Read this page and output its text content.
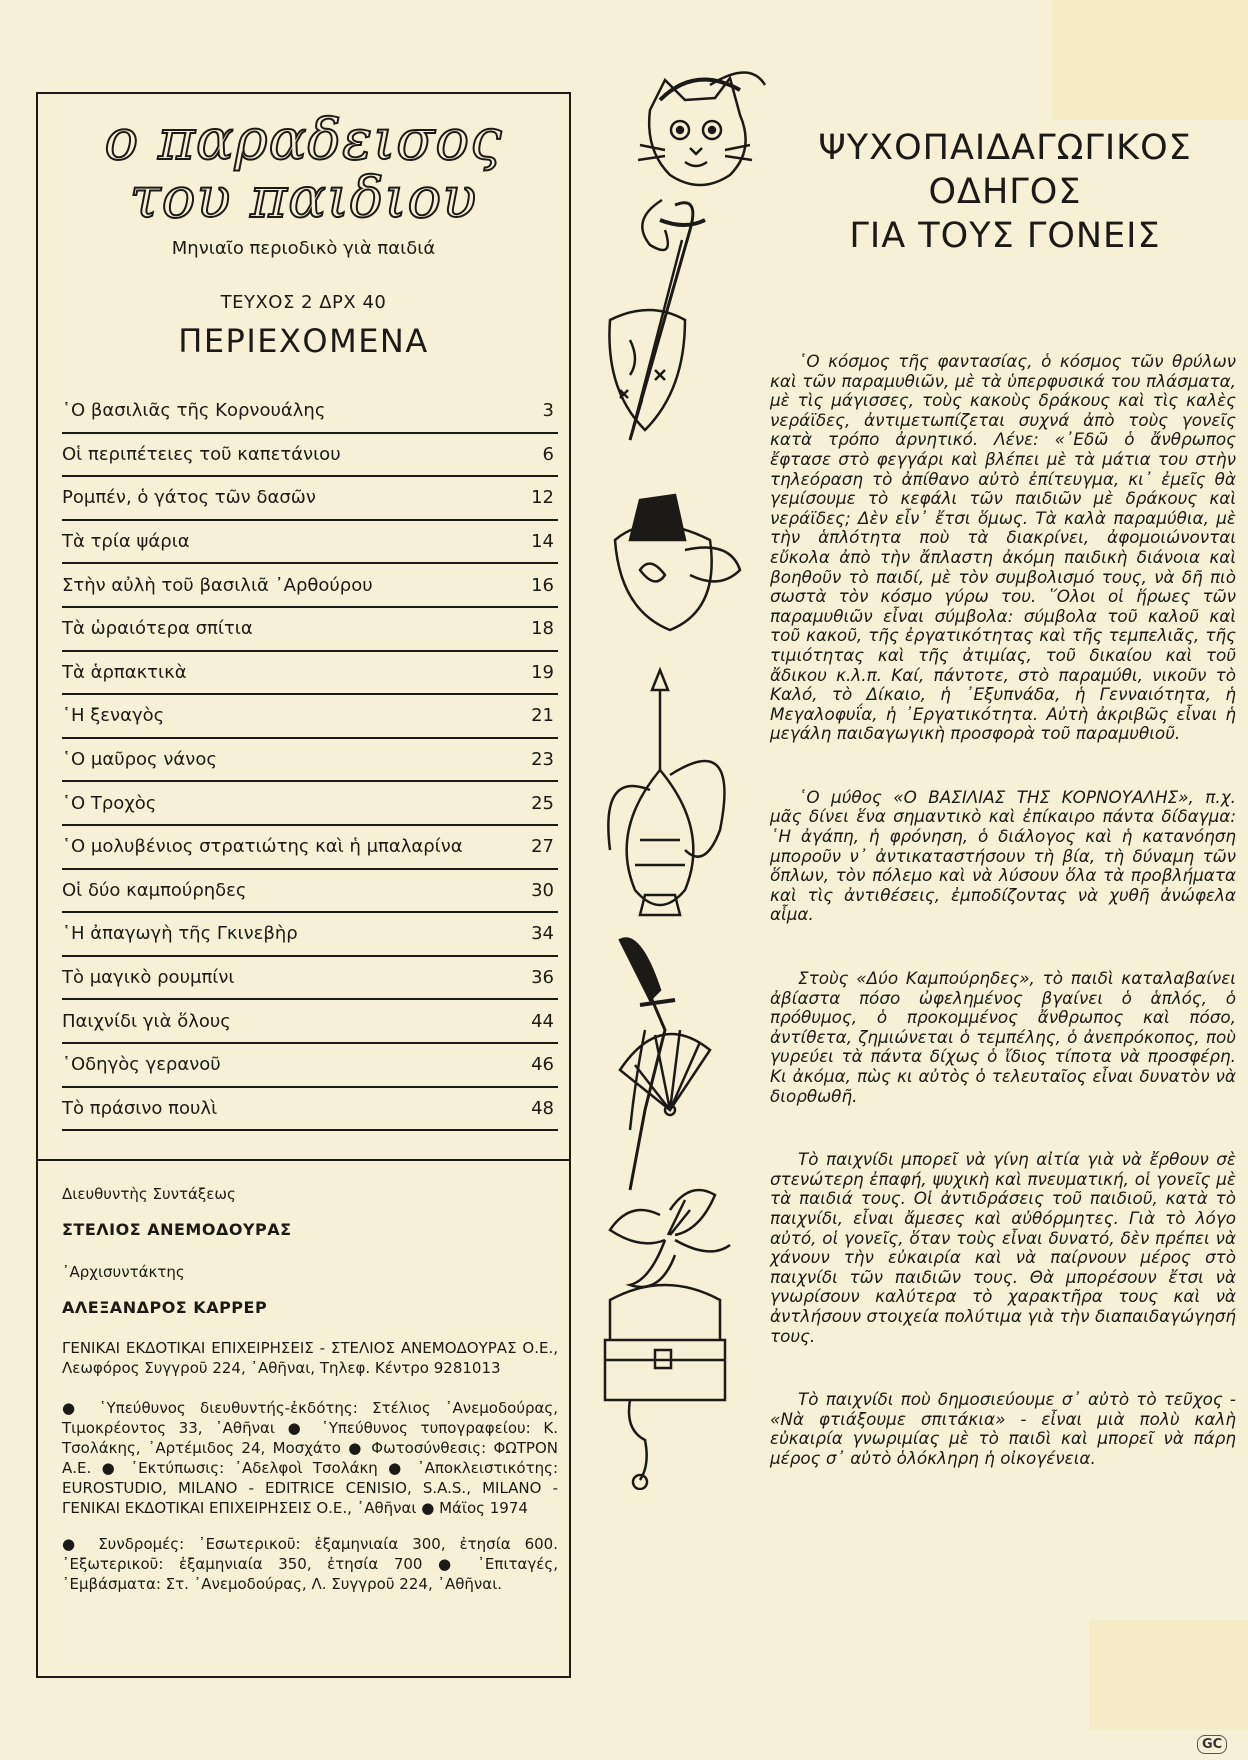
ο παραδεισος
του παιδιου
Μηνιαῖο περιοδικὸ γιὰ παιδιά
ΤΕΥΧΟΣ 2 ΔΡΧ 40
ΠΕΡΙΕΧΟΜΕΝΑ
῾Ο βασιλιᾶς τῆς Κορνουάλης	3
Οἱ περιπέτειες τοῦ καπετάνιου	6
Ρομπέν, ὁ γάτος τῶν δασῶν	12
Τὰ τρία ψάρια	14
Στὴν αὐλὴ τοῦ βασιλιᾶ ᾿Αρθούρου	16
Τὰ ὡραιότερα σπίτια	18
Τὰ ἁρπακτικὰ	19
῾Η ξεναγὸς	21
῾Ο μαῦρος νάνος	23
῾Ο Τροχὸς	25
῾Ο μολυβένιος στρατιώτης καὶ ἡ μπαλαρίνα	27
Οἱ δύο καμπούρηδες	30
῾Η ἀπαγωγὴ τῆς Γκινεβὴρ	34
Τὸ μαγικὸ ρουμπίνι	36
Παιχνίδι γιὰ ὅλους	44
῾Οδηγὸς γερανοῦ	46
Τὸ πράσινο πουλὶ	48
Διευθυντὴς Συντάξεως
ΣΤΕΛΙΟΣ ΑΝΕΜΟΔΟΥΡΑΣ
᾿Αρχισυντάκτης
ΑΛΕΞΑΝΔΡΟΣ ΚΑΡΡΕΡ
ΓΕΝΙΚΑΙ ΕΚΔΟΤΙΚΑΙ ΕΠΙΧΕΙΡΗΣΕΙΣ - ΣΤΕΛΙΟΣ ΑΝΕΜΟΔΟΥΡΑΣ Ο.Ε., Λεωφόρος Συγγροῦ 224, ᾿Αθῆναι, Τηλεφ. Κέντρο 9281013
● ῾Υπεύθυνος διευθυντής-ἐκδότης: Στέλιος ᾿Ανεμοδούρας, Τιμοκρέοντος 33, ᾿Αθῆναι ● ῾Υπεύθυνος τυπογραφείου: Κ. Τσολάκης, ᾿Αρτέμιδος 24, Μοσχάτο ● Φωτοσύνθεσις: ΦΩΤΡΟΝ Α.Ε. ● ᾿Εκτύπωσις: ᾿Αδελφοὶ Τσολάκη ● ᾿Αποκλειστικότης: EUROSTUDIO, MILANO - EDITRICE CENISIO, S.A.S., MILANO - ΓΕΝΙΚΑΙ ΕΚΔΟΤΙΚΑΙ ΕΠΙΧΕΙΡΗΣΕΙΣ Ο.Ε., ᾿Αθῆναι ● Μάϊος 1974
● Συνδρομές: ᾿Εσωτερικοῦ: ἑξαμηνιαία 300, ἐτησία 600. ᾿Εξωτερικοῦ: ἑξαμηνιαία 350, ἐτησία 700 ● ᾿Επιταγές, ᾿Εμβάσματα: Στ. ᾿Ανεμοδούρας, Λ. Συγγροῦ 224, ᾿Αθῆναι.
ΨΥΧΟΠΑΙΔΑΓΩΓΙΚΟΣ
ΟΔΗΓΟΣ
ΓΙΑ ΤΟΥΣ ΓΟΝΕΙΣ

῾Ο κόσμος τῆς φαντασίας, ὁ κόσμος τῶν θρύλων καὶ τῶν παραμυθιῶν, μὲ τὰ ὑπερφυσικά του πλάσματα, μὲ τὶς μάγισσες, τοὺς κακοὺς δράκους καὶ τὶς καλὲς νεράϊδες, ἀντιμετωπίζεται συχνά ἀπὸ τοὺς γονεῖς κατὰ τρόπο ἀρνητικό. Λένε: «᾿Εδῶ ὁ ἄνθρωπος ἔφτασε στὸ φεγγάρι καὶ βλέπει μὲ τὰ μάτια του στὴν τηλεόραση τὸ ἀπίθανο αὐτὸ ἐπίτευγμα, κι᾿ ἐμεῖς θὰ γεμίσουμε τὸ κεφάλι τῶν παιδιῶν μὲ δράκους καὶ νεράϊδες; Δὲν εἶν᾿ ἔτσι ὅμως. Τὰ καλὰ παραμύθια, μὲ τὴν ἁπλότητα ποὺ τὰ διακρίνει, ἀφομοιώνονται εὔκολα ἀπὸ τὴν ἄπλαστη ἀκόμη παιδικὴ διάνοια καὶ βοηθοῦν τὸ παιδί, μὲ τὸν συμβολισμό τους, νὰ δῆ πιὸ σωστὰ τὸν κόσμο γύρω του. ῞Ολοι οἱ ἥρωες τῶν παραμυθιῶν εἶναι σύμβολα: σύμβολα τοῦ καλοῦ καὶ τοῦ κακοῦ, τῆς ἐργατικότητας καὶ τῆς τεμπελιᾶς, τῆς τιμιότητας καὶ τῆς ἀτιμίας, τοῦ δικαίου καὶ τοῦ ἄδικου κ.λ.π. Καί, πάντοτε, στὸ παραμύθι, νικοῦν τὸ Καλό, τὸ Δίκαιο, ἡ ᾿Εξυπνάδα, ἡ Γενναιότητα, ἡ Μεγαλοφυΐα, ἡ ᾿Εργατικότητα. Αὐτὴ ἀκριβῶς εἶναι ἡ μεγάλη παιδαγωγικὴ προσφορὰ τοῦ παραμυθιοῦ.

῾Ο μύθος «Ο ΒΑΣΙΛΙΑΣ ΤΗΣ ΚΟΡΝΟΥΑΛΗΣ», π.χ. μᾶς δίνει ἕνα σημαντικὸ καὶ ἐπίκαιρο πάντα δίδαγμα: ῾Η ἀγάπη, ἡ φρόνηση, ὁ διάλογος καὶ ἡ κατανόηση μποροῦν ν᾿ ἀντικαταστήσουν τὴ βία, τὴ δύναμη τῶν ὅπλων, τὸν πόλεμο καὶ νὰ λύσουν ὅλα τὰ προβλήματα καὶ τὶς ἀντιθέσεις, ἐμποδίζοντας νὰ χυθῆ ἀνώφελα αἷμα.

Στοὺς «Δύο Καμπούρηδες», τὸ παιδὶ καταλαβαίνει ἀβίαστα πόσο ὠφελημένος βγαίνει ὁ ἁπλός, ὁ πρόθυμος, ὁ προκομμένος ἄνθρωπος καὶ πόσο, ἀντίθετα, ζημιώνεται ὁ τεμπέλης, ὁ ἀνεπρόκοπος, ποὺ γυρεύει τὰ πάντα δίχως ὁ ἴδιος τίποτα νὰ προσφέρη. Κι ἀκόμα, πὼς κι αὐτὸς ὁ τελευταῖος εἶναι δυνατὸν νὰ διορθωθῆ.

Τὸ παιχνίδι μπορεῖ νὰ γίνη αἰτία γιὰ νὰ ἔρθουν σὲ στενώτερη ἐπαφή, ψυχικὴ καὶ πνευματική, οἱ γονεῖς μὲ τὰ παιδιά τους. Οἱ ἀντιδράσεις τοῦ παιδιοῦ, κατὰ τὸ παιχνίδι, εἶναι ἄμεσες καὶ αὐθόρμητες. Γιὰ τὸ λόγο αὐτό, οἱ γονεῖς, ὅταν τοὺς εἶναι δυνατό, δὲν πρέπει νὰ χάνουν τὴν εὐκαιρία καὶ νὰ παίρνουν μέρος στὸ παιχνίδι τῶν παιδιῶν τους. Θὰ μπορέσουν ἔτσι νὰ γνωρίσουν καλύτερα τὸ χαρακτῆρα τους καὶ νὰ ἀντλήσουν στοιχεία πολύτιμα γιὰ τὴν διαπαιδαγώγησή τους.

Τὸ παιχνίδι ποὺ δημοσιεύουμε σ᾿ αὐτὸ τὸ τεῦχος - «Νὰ φτιάξουμε σπιτάκια» - εἶναι μιὰ πολὺ καλὴ εὐκαιρία γνωριμίας μὲ τὸ παιδὶ καὶ μπορεῖ νὰ πάρη μέρος σ᾿ αὐτὸ ὁλόκληρη ἡ οἰκογένεια.

GC
